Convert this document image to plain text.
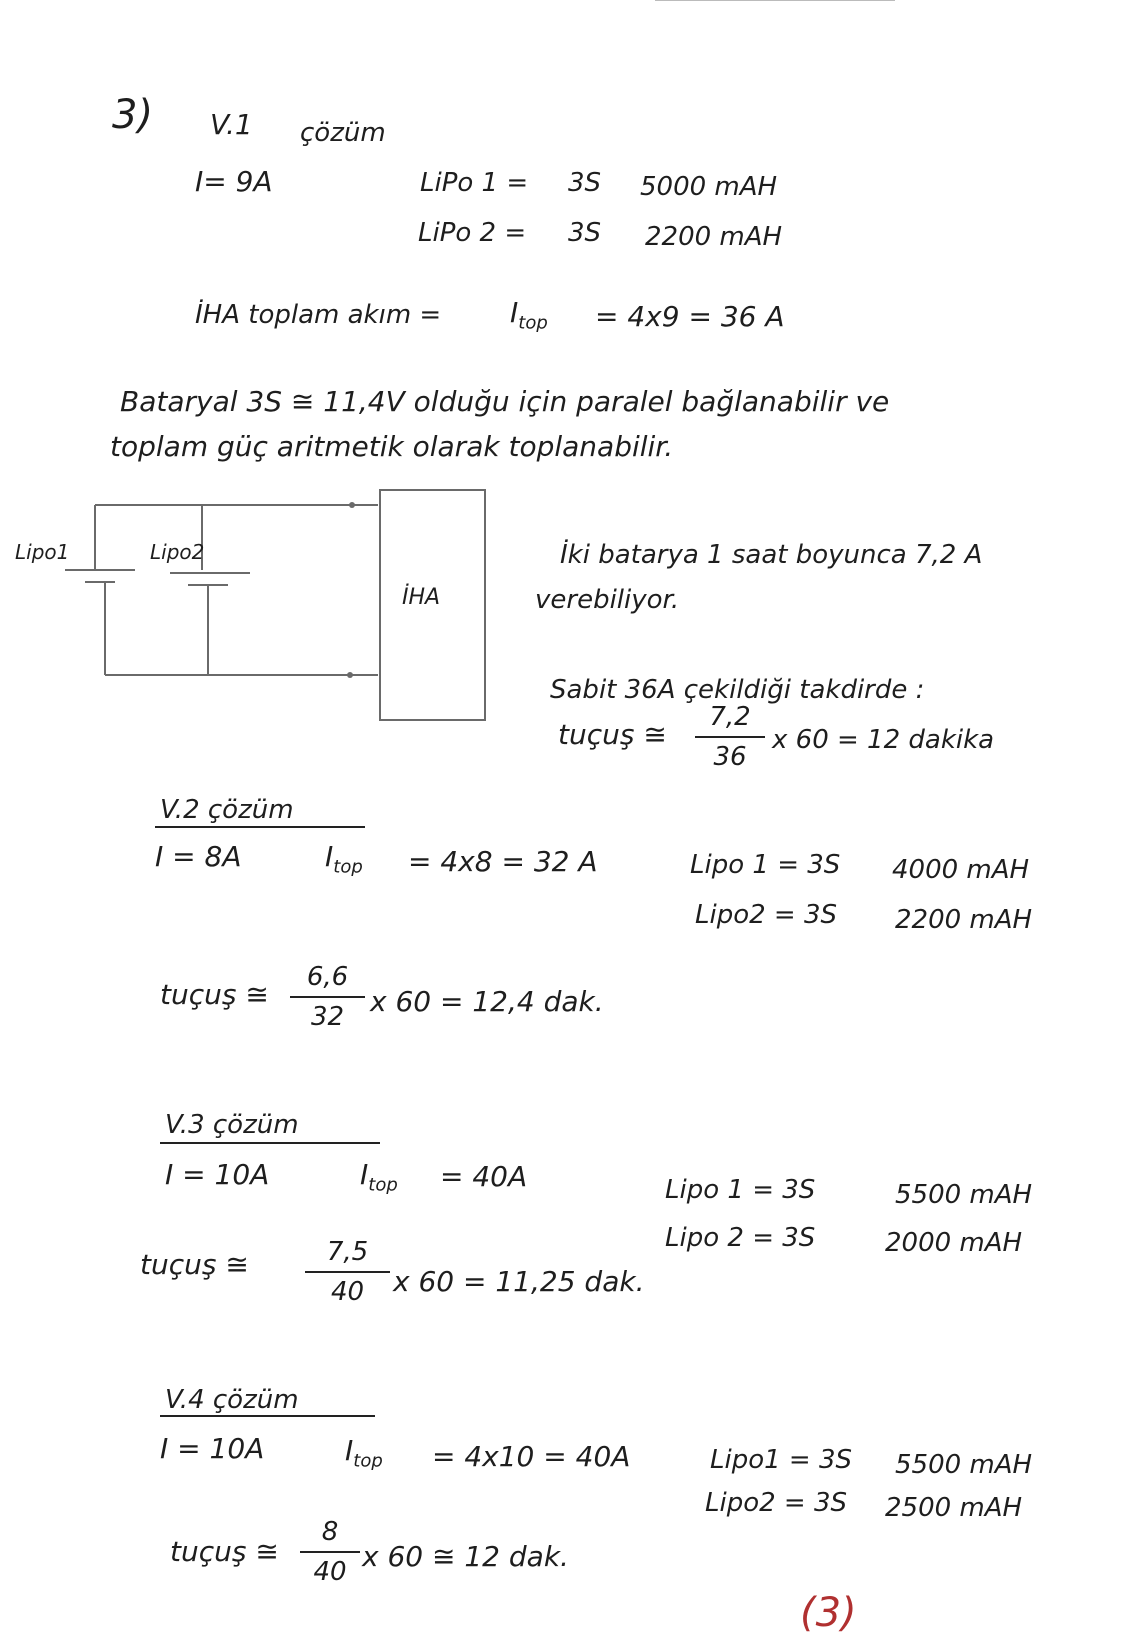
3) V.1 çözüm
I= 9A	LiPo 1 = 3S 5000 mAH
LiPo 2 = 3S 2200 mAH
İHA toplam akım = $I_{top} = 4x9 = 36$ A
Bataryal 3S ≅ 11,4V olduğu için paralel bağlanabilir ve
toplam güç aritmetik olarak toplanabilir.
Lipo1	Lipo2
İHA
İki batarya 1 saat boyunca 7,2 A
verebiliyor.
Sabit 36A çekildiği takdirde :
tuçuş ≅
7,2
36
x 60 = 12 dakika
V.2 çözüm
I = 8A	$I_{top} = 4x8 = 32$ A	Lipo 1 = 3S 4000 mAH
Lipo2 = 3S 2200 mAH
tuçuş ≅
6,6
32 x 60 = 12,4 dak.
V.3 çözüm
I = 10A	$I_{top} = 40A$	Lipo 1 = 3S	5500 mAH
Lipo 2 = 3S	2000 mAH
tuçuş ≅	7,5
40	x 60 = 11,25 dak.
V.4 çözüm
I = 10A	$I_{top} = 4x10 = 40A$	Lipo1 = 3S 5500 mAH
Lipo2 = 3S 2500 mAH
tuçuş ≅
8
40 x 60 ≅ 12 dak.
(3)
